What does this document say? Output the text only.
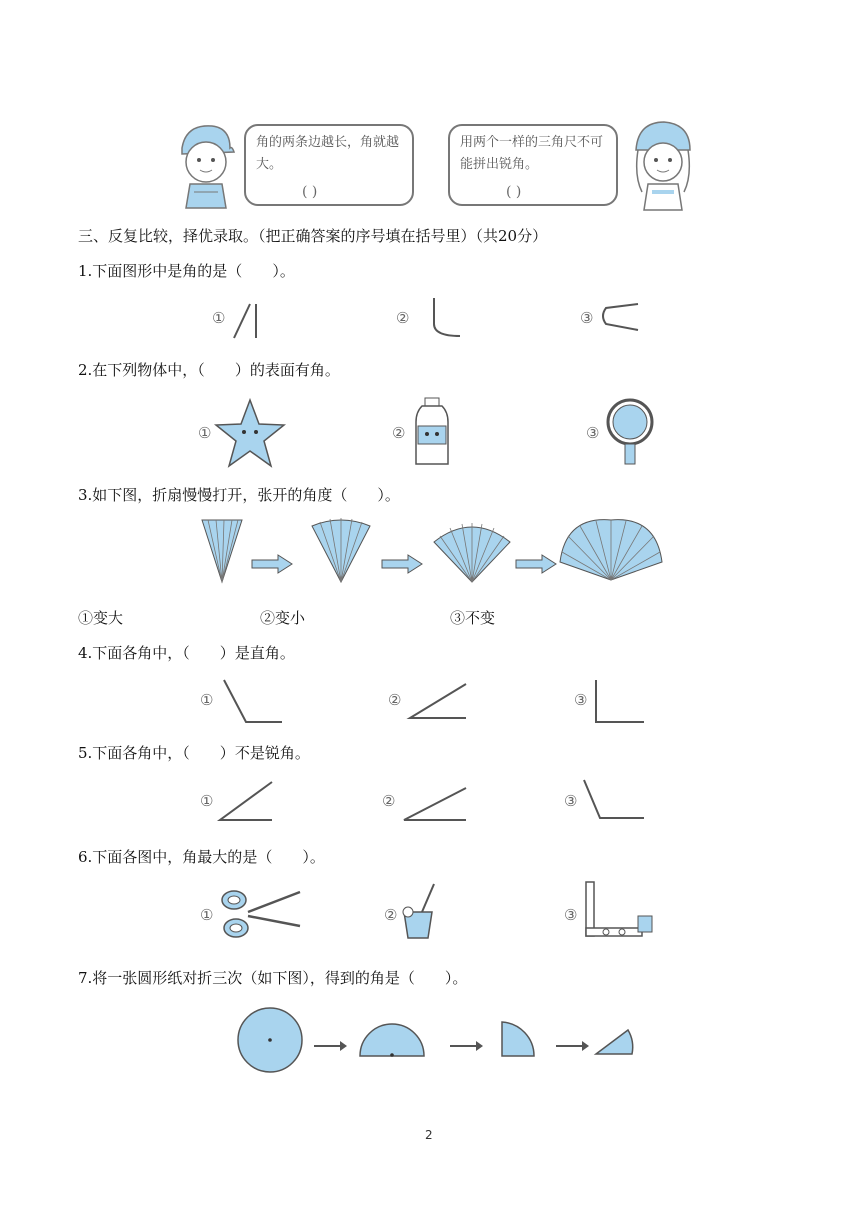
角的两条边越长，角就越大。
( )
用两个一样的三角尺不可能拼出锐角。
( )
三、反复比较，择优录取。（把正确答案的序号填在括号里）（共20分）
1.下面图形中是角的是（　　）。
①	②	③
2.在下列物体中，（　　）的表面有角。
①	②	③
3.如下图，折扇慢慢打开，张开的角度（　　）。
①变大	②变小	③不变
4.下面各角中，（　　）是直角。
①	②	③
5.下面各角中，（　　）不是锐角。
①	②	③
6.下面各图中，角最大的是（　　）。
①	②	③
7.将一张圆形纸对折三次（如下图），得到的角是（　　）。
2
